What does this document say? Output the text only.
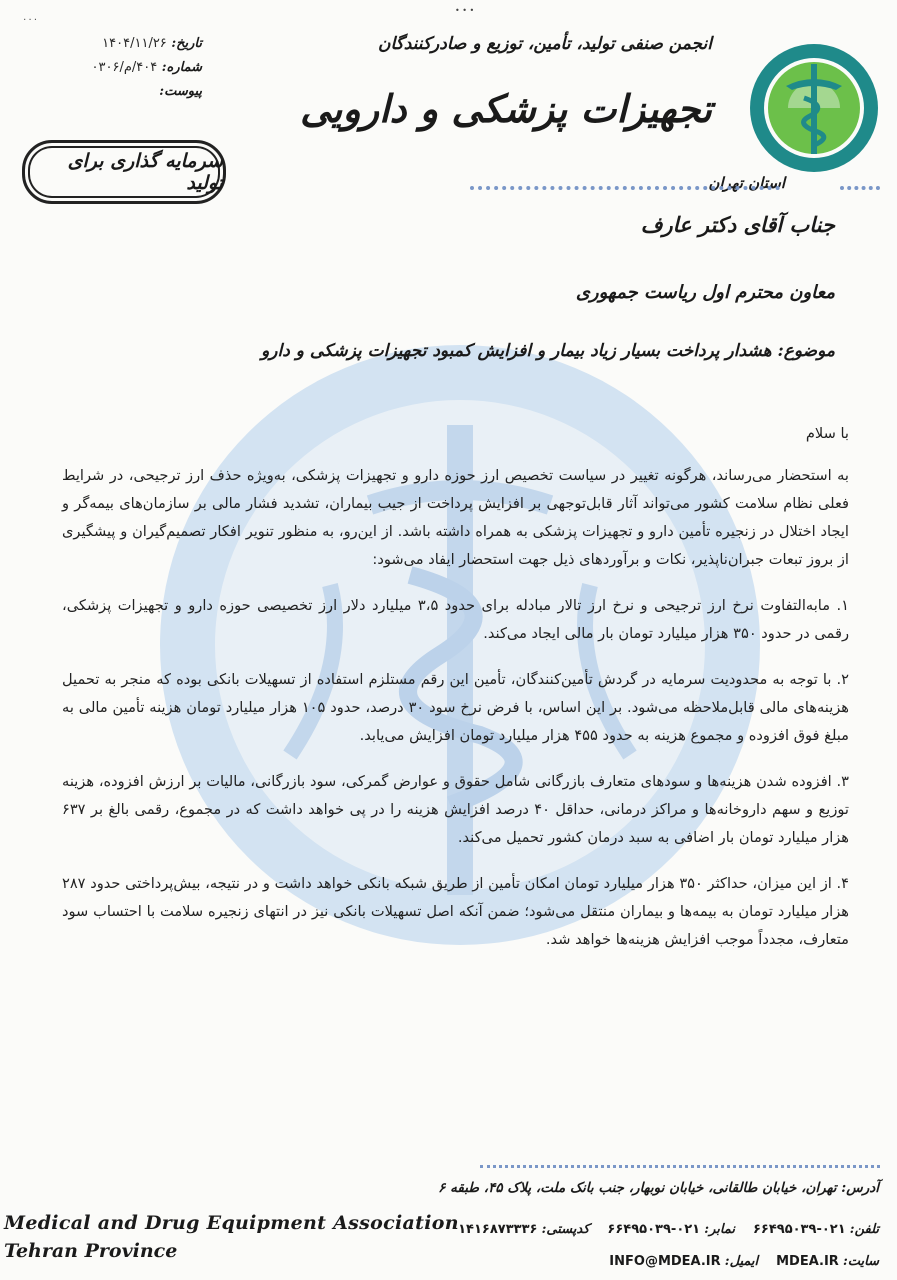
• • •
۰۰۰
انجمن صنفی تولید، تأمین، توزیع و صادرکنندگان
تجهیزات پزشکی و دارویی
استان تهران
تاریخ: ۱۴۰۴/۱۱/۲۶
شماره: ۴۰۴/م/۰۳۰۶
پیوست:
سرمایه گذاری برای تولید
جناب آقای دکتر عارف
معاون محترم اول ریاست جمهوری
موضوع: هشدار پرداخت بسیار زیاد بیمار و افزایش کمبود تجهیزات پزشکی و دارو

با سلام

به استحضار می‌رساند، هرگونه تغییر در سیاست تخصیص ارز حوزه دارو و تجهیزات پزشکی، به‌ویژه حذف ارز ترجیحی، در شرایط فعلی نظام سلامت کشور می‌تواند آثار قابل‌توجهی بر افزایش پرداخت از جیب بیماران، تشدید فشار مالی بر سازمان‌های بیمه‌گر و ایجاد اختلال در زنجیره تأمین دارو و تجهیزات پزشکی به همراه داشته باشد. از این‌رو، به منظور تنویر افکار تصمیم‌گیران و پیشگیری از بروز تبعات جبران‌ناپذیر، نکات و برآوردهای ذیل جهت استحضار ایفاد می‌شود:

۱. مابه‌التفاوت نرخ ارز ترجیحی و نرخ ارز تالار مبادله برای حدود ۳،۵ میلیارد دلار ارز تخصیصی حوزه دارو و تجهیزات پزشکی، رقمی در حدود ۳۵۰ هزار میلیارد تومان بار مالی ایجاد می‌کند.

۲. با توجه به محدودیت سرمایه در گردش تأمین‌کنندگان، تأمین این رقم مستلزم استفاده از تسهیلات بانکی بوده که منجر به تحمیل هزینه‌های مالی قابل‌ملاحظه می‌شود. بر این اساس، با فرض نرخ سود ۳۰ درصد، حدود ۱۰۵ هزار میلیارد تومان هزینه تأمین مالی به مبلغ فوق افزوده و مجموع هزینه به حدود ۴۵۵ هزار میلیارد تومان افزایش می‌یابد.

۳. افزوده شدن هزینه‌ها و سودهای متعارف بازرگانی شامل حقوق و عوارض گمرکی، سود بازرگانی، مالیات بر ارزش افزوده، هزینه توزیع و سهم داروخانه‌ها و مراکز درمانی، حداقل ۴۰ درصد افزایش هزینه را در پی خواهد داشت که در مجموع، رقمی بالغ بر ۶۳۷ هزار میلیارد تومان بار اضافی به سبد درمان کشور تحمیل می‌کند.

۴. از این میزان، حداکثر ۳۵۰ هزار میلیارد تومان امکان تأمین از طریق شبکه بانکی خواهد داشت و در نتیجه، بیش‌پرداختی حدود ۲۸۷ هزار میلیارد تومان به بیمه‌ها و بیماران منتقل می‌شود؛ ضمن آنکه اصل تسهیلات بانکی نیز در انتهای زنجیره سلامت با احتساب سود متعارف، مجدداً موجب افزایش هزینه‌ها خواهد شد.

آدرس: تهران، خیابان طالقانی، خیابان نوبهار، جنب بانک ملت، پلاک ۴۵، طبقه ۶
تلفن: ۰۲۱-۶۶۴۹۵۰۳۹
نمابر: ۰۲۱-۶۶۴۹۵۰۳۹
کدپستی: ۱۴۱۶۸۷۳۳۳۶
سایت: MDEA.IR
ایمیل: INFO@MDEA.IR
Medical and Drug Equipment Association
Tehran Province
